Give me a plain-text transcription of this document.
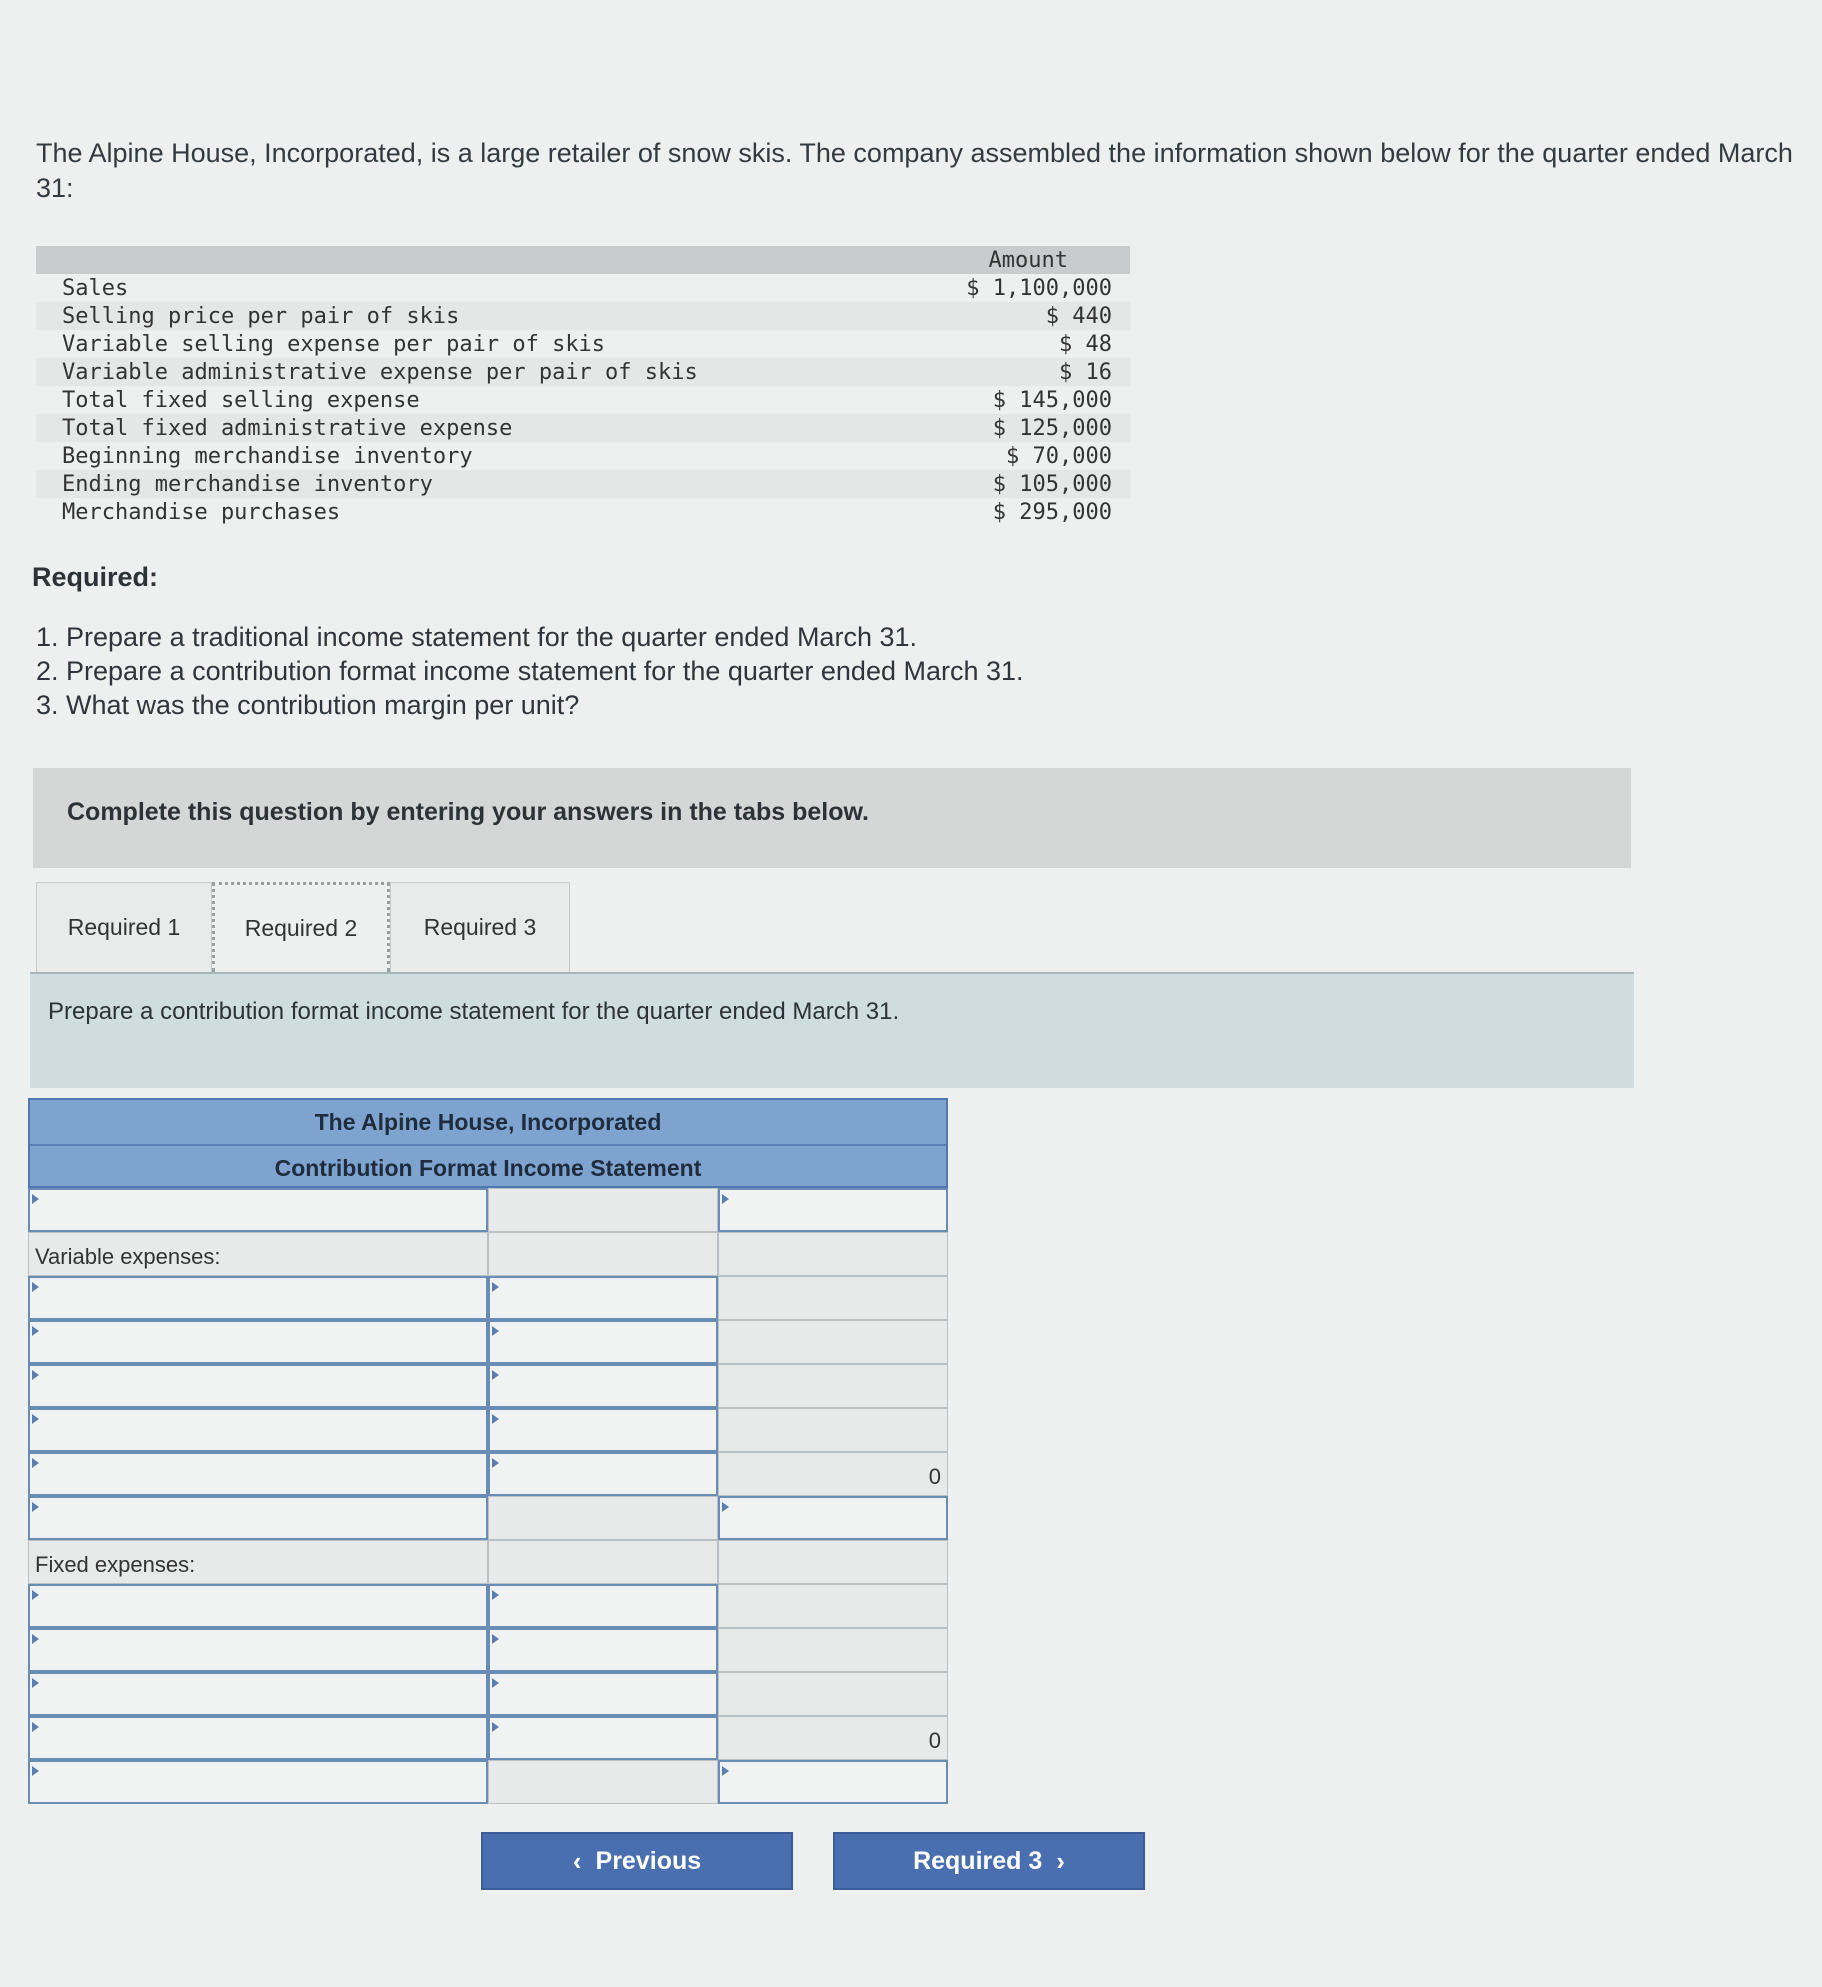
The Alpine House, Incorporated, is a large retailer of snow skis. The company assembled the information shown below for the quarter ended March 31:
Amount
Sales	$ 1,100,000
Selling price per pair of skis	$ 440
Variable selling expense per pair of skis	$ 48
Variable administrative expense per pair of skis	$ 16
Total fixed selling expense	$ 145,000
Total fixed administrative expense	$ 125,000
Beginning merchandise inventory	$ 70,000
Ending merchandise inventory	$ 105,000
Merchandise purchases	$ 295,000
Required:
1. Prepare a traditional income statement for the quarter ended March 31.
2. Prepare a contribution format income statement for the quarter ended March 31.
3. What was the contribution margin per unit?
Complete this question by entering your answers in the tabs below.
Required 1	Required 2	Required 3
Prepare a contribution format income statement for the quarter ended March 31.
The Alpine House, Incorporated
Contribution Format Income Statement
Variable expenses:
0
Fixed expenses:
0
‹ Previous	Required 3 ›
